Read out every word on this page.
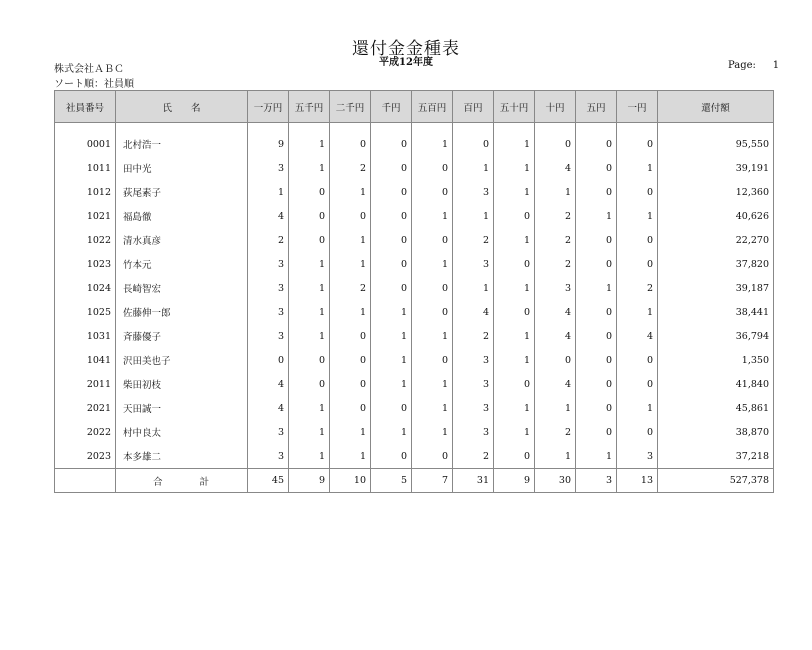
還付金金種表
平成12年度
株式会社ＡＢＣ
ソート順：社員順
Page: 1
社員番号	氏　　名	一万円	五千円	二千円	千円	五百円	百円	五十円	十円	五円	一円	還付額
0001	北村浩一	9	1	0	0	1	0	1	0	0	0	95,550
1011	田中光	3	1	2	0	0	1	1	4	0	1	39,191
1012	荻尾素子	1	0	1	0	0	3	1	1	0	0	12,360
1021	福島徹	4	0	0	0	1	1	0	2	1	1	40,626
1022	清水真彦	2	0	1	0	0	2	1	2	0	0	22,270
1023	竹本元	3	1	1	0	1	3	0	2	0	0	37,820
1024	長崎智宏	3	1	2	0	0	1	1	3	1	2	39,187
1025	佐藤伸一郎	3	1	1	1	0	4	0	4	0	1	38,441
1031	斉藤優子	3	1	0	1	1	2	1	4	0	4	36,794
1041	沢田美也子	0	0	0	1	0	3	1	0	0	0	1,350
2011	柴田初枝	4	0	0	1	1	3	0	4	0	0	41,840
2021	天田誠一	4	1	0	0	1	3	1	1	0	1	45,861
2022	村中良太	3	1	1	1	1	3	1	2	0	0	38,870
2023	本多雄二	3	1	1	0	0	2	0	1	1	3	37,218
	合 計	45	9	10	5	7	31	9	30	3	13	527,378
